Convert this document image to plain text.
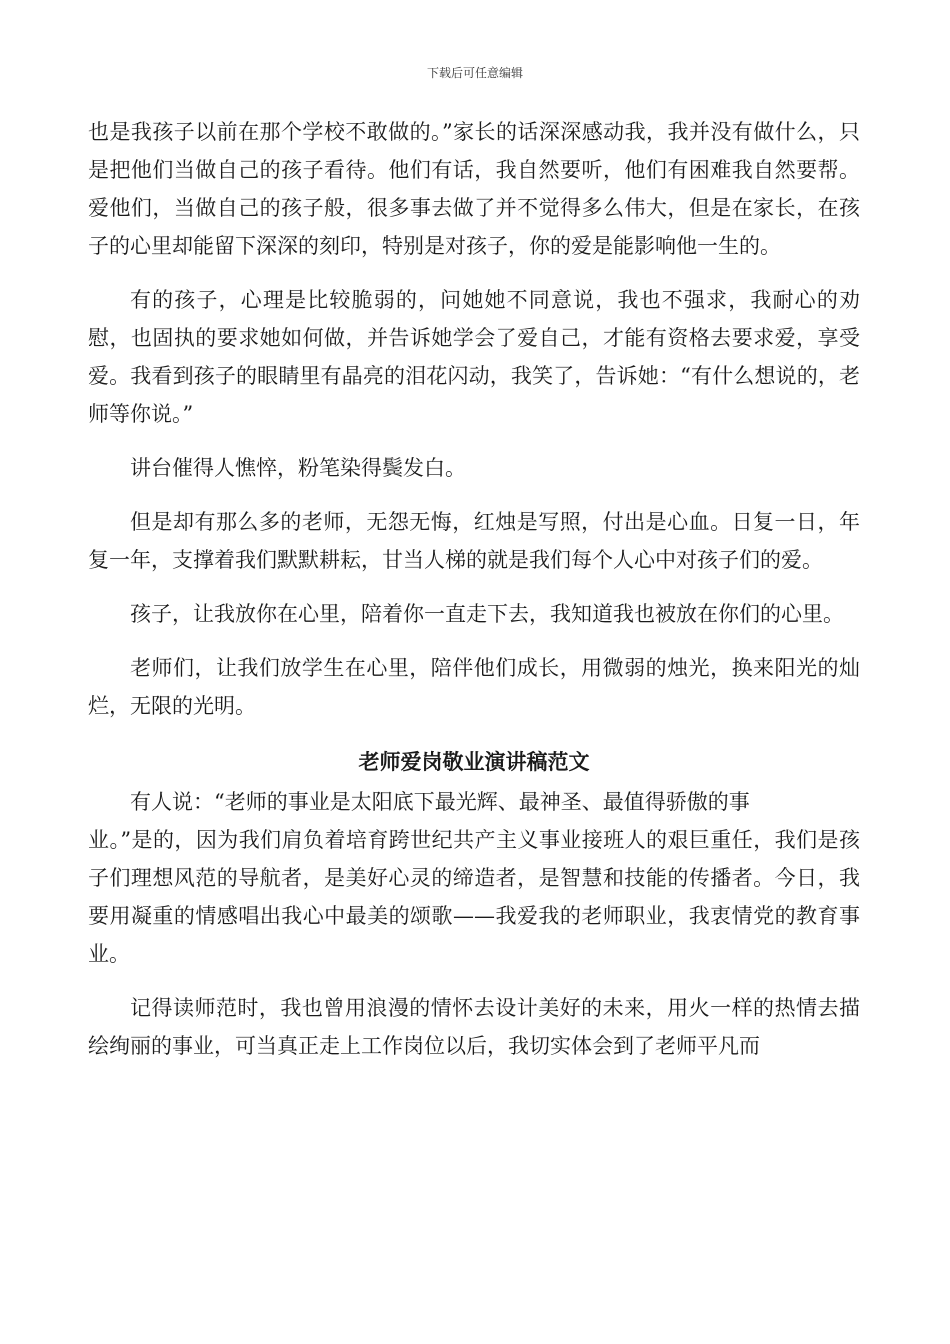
下载后可任意编辑

也是我孩子以前在那个学校不敢做的。”家长的话深深感动我，我并没有做什么，只是把他们当做自己的孩子看待。他们有话，我自然要听，他们有困难我自然要帮。爱他们，当做自己的孩子般，很多事去做了并不觉得多么伟大，但是在家长，在孩子的心里却能留下深深的刻印，特别是对孩子，你的爱是能影响他一生的。

有的孩子，心理是比较脆弱的，问她她不同意说，我也不强求，我耐心的劝慰，也固执的要求她如何做，并告诉她学会了爱自己，才能有资格去要求爱，享受爱。我看到孩子的眼睛里有晶亮的泪花闪动，我笑了，告诉她：“有什么想说的，老师等你说。”

讲台催得人憔悴，粉笔染得鬓发白。

但是却有那么多的老师，无怨无悔，红烛是写照，付出是心血。日复一日，年复一年，支撑着我们默默耕耘，甘当人梯的就是我们每个人心中对孩子们的爱。

孩子，让我放你在心里，陪着你一直走下去，我知道我也被放在你们的心里。

老师们，让我们放学生在心里，陪伴他们成长，用微弱的烛光，换来阳光的灿烂，无限的光明。

老师爱岗敬业演讲稿范文

有人说：“老师的事业是太阳底下最光辉、最神圣、最值得骄傲的事
业。”是的，因为我们肩负着培育跨世纪共产主义事业接班人的艰巨重任，我们是孩子们理想风范的导航者，是美好心灵的缔造者，是智慧和技能的传播者。今日，我要用凝重的情感唱出我心中最美的颂歌——我爱我的老师职业，我衷情党的教育事业。

记得读师范时，我也曾用浪漫的情怀去设计美好的未来，用火一样的热情去描绘绚丽的事业，可当真正走上工作岗位以后，我切实体会到了老师平凡而
